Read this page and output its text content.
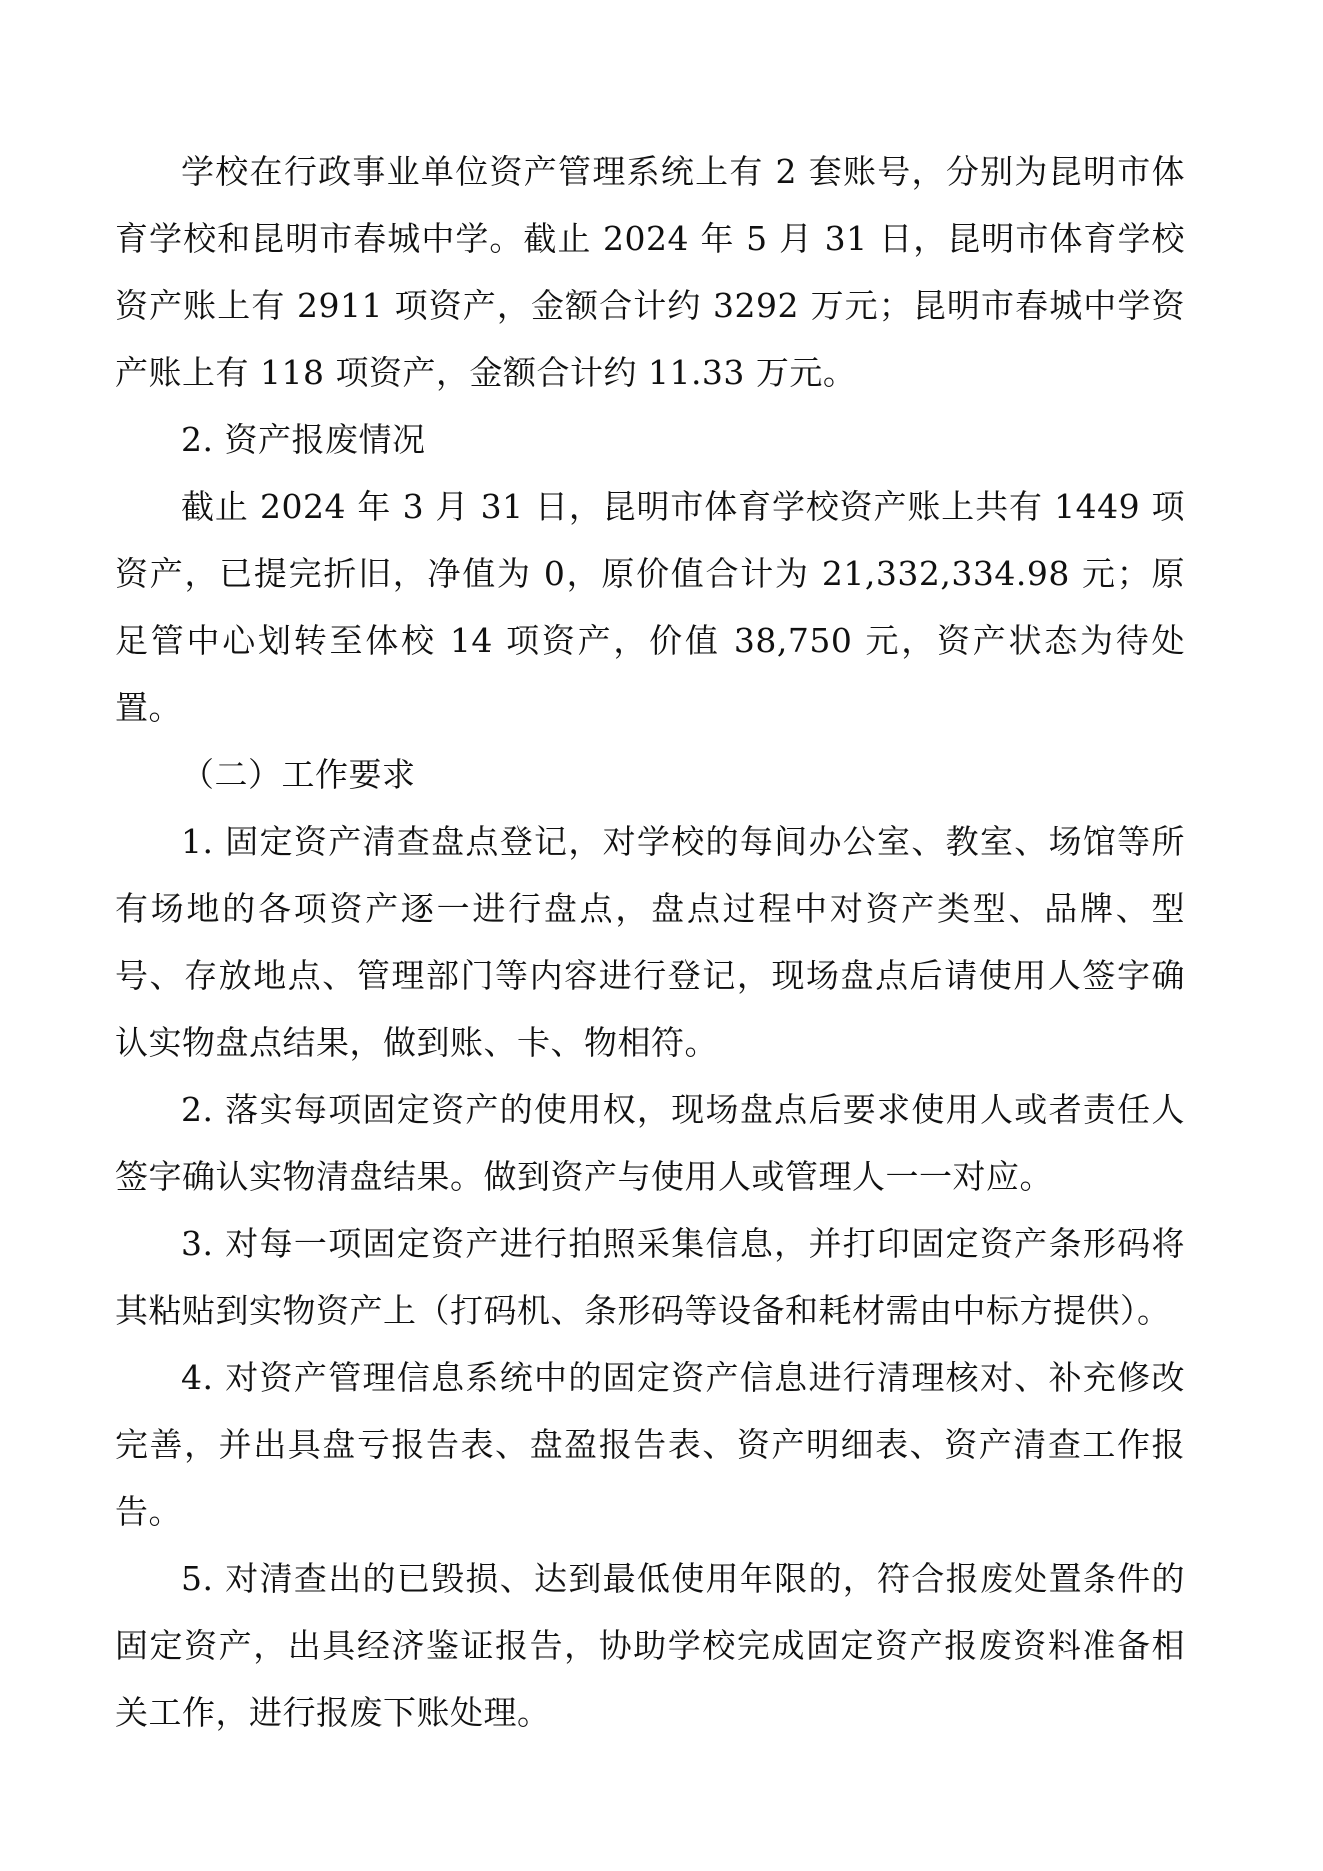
学校在行政事业单位资产管理系统上有 2 套账号，分别为昆明市体育学校和昆明市春城中学。截止 2024 年 5 月 31 日，昆明市体育学校资产账上有 2911 项资产，金额合计约 3292 万元；昆明市春城中学资产账上有 118 项资产，金额合计约 11.33 万元。

2. 资产报废情况

截止 2024 年 3 月 31 日，昆明市体育学校资产账上共有 1449 项资产，已提完折旧，净值为 0，原价值合计为 21,332,334.98 元；原足管中心划转至体校 14 项资产，价值 38,750 元，资产状态为待处置。

（二）工作要求

1. 固定资产清查盘点登记，对学校的每间办公室、教室、场馆等所有场地的各项资产逐一进行盘点，盘点过程中对资产类型、品牌、型号、存放地点、管理部门等内容进行登记，现场盘点后请使用人签字确认实物盘点结果，做到账、卡、物相符。

2. 落实每项固定资产的使用权，现场盘点后要求使用人或者责任人签字确认实物清盘结果。做到资产与使用人或管理人一一对应。

3. 对每一项固定资产进行拍照采集信息，并打印固定资产条形码将其粘贴到实物资产上（打码机、条形码等设备和耗材需由中标方提供）。

4. 对资产管理信息系统中的固定资产信息进行清理核对、补充修改完善，并出具盘亏报告表、盘盈报告表、资产明细表、资产清查工作报告。

5. 对清查出的已毁损、达到最低使用年限的，符合报废处置条件的固定资产，出具经济鉴证报告，协助学校完成固定资产报废资料准备相关工作，进行报废下账处理。
